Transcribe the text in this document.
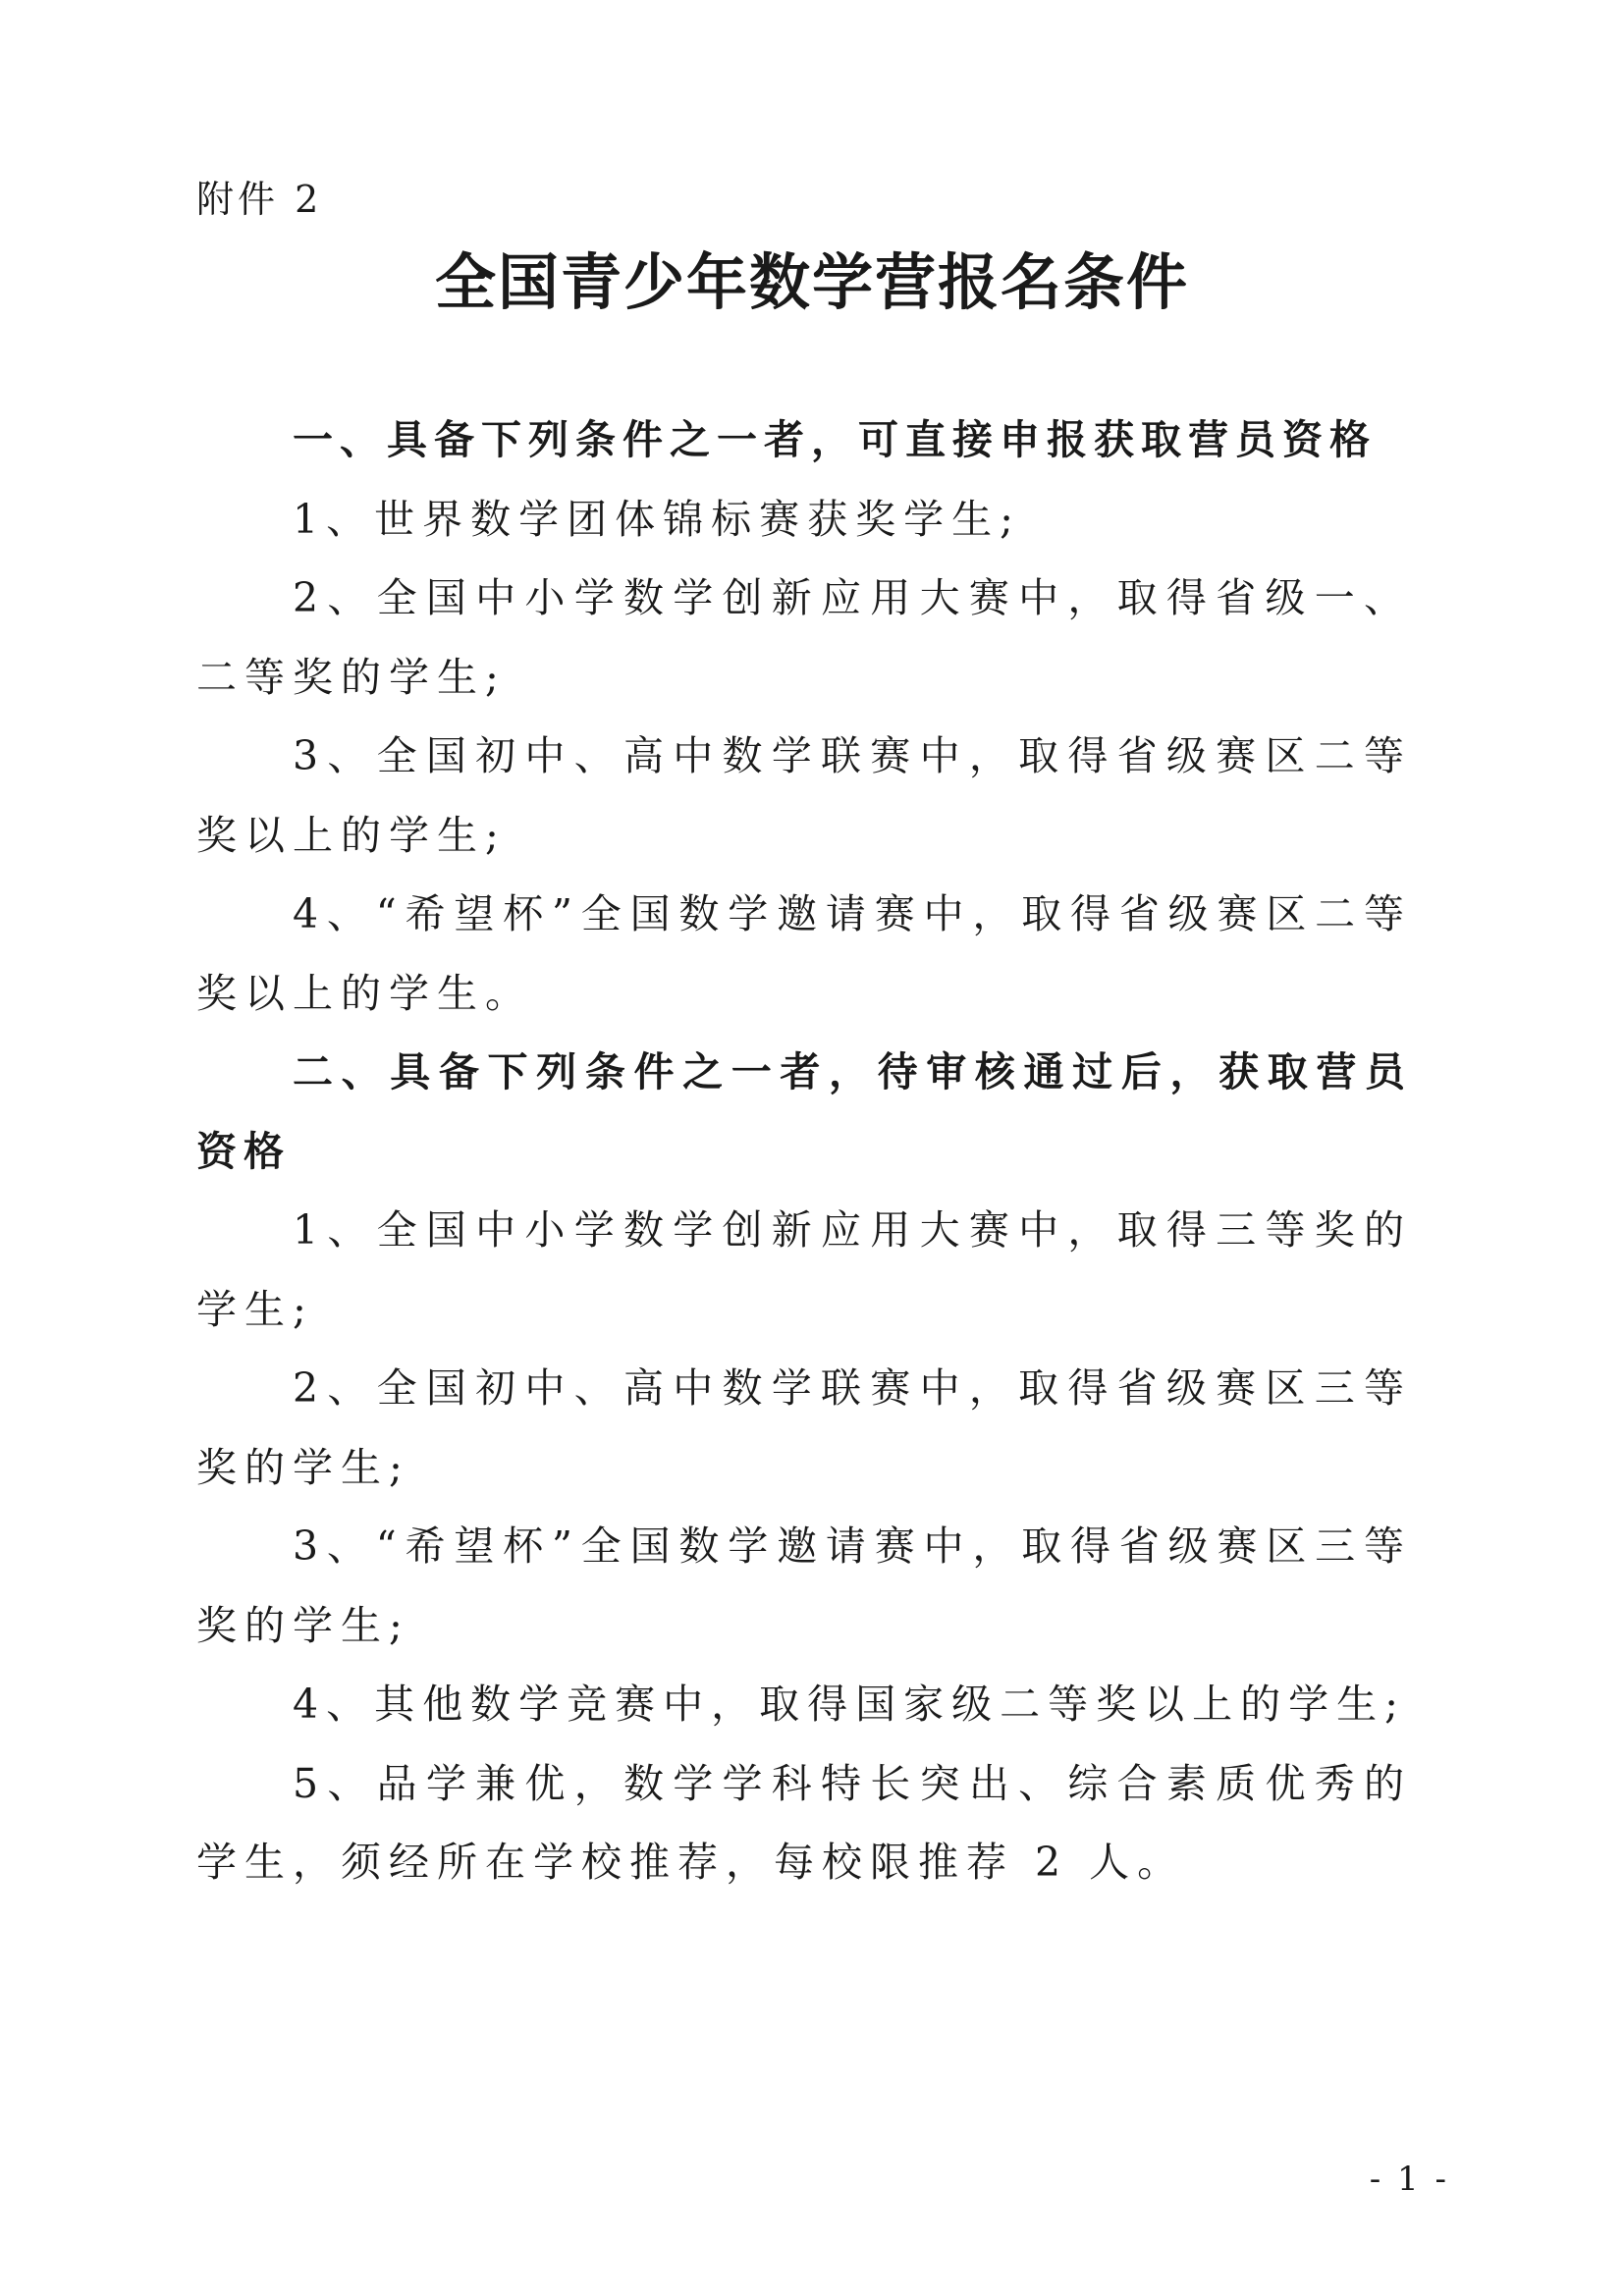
附件 2
全国青少年数学营报名条件

一、具备下列条件之一者，可直接申报获取营员资格

1、世界数学团体锦标赛获奖学生;

2、全国中小学数学创新应用大赛中，取得省级一、二等奖的学生;

3、全国初中、高中数学联赛中，取得省级赛区二等奖以上的学生;

4、“希望杯”全国数学邀请赛中，取得省级赛区二等奖以上的学生。

二、具备下列条件之一者，待审核通过后，获取营员资格

1、全国中小学数学创新应用大赛中，取得三等奖的学生;

2、全国初中、高中数学联赛中，取得省级赛区三等奖的学生;

3、“希望杯”全国数学邀请赛中，取得省级赛区三等奖的学生;

4、其他数学竞赛中，取得国家级二等奖以上的学生;

5、品学兼优，数学学科特长突出、综合素质优秀的学生，须经所在学校推荐，每校限推荐 2 人。

- 1 -
